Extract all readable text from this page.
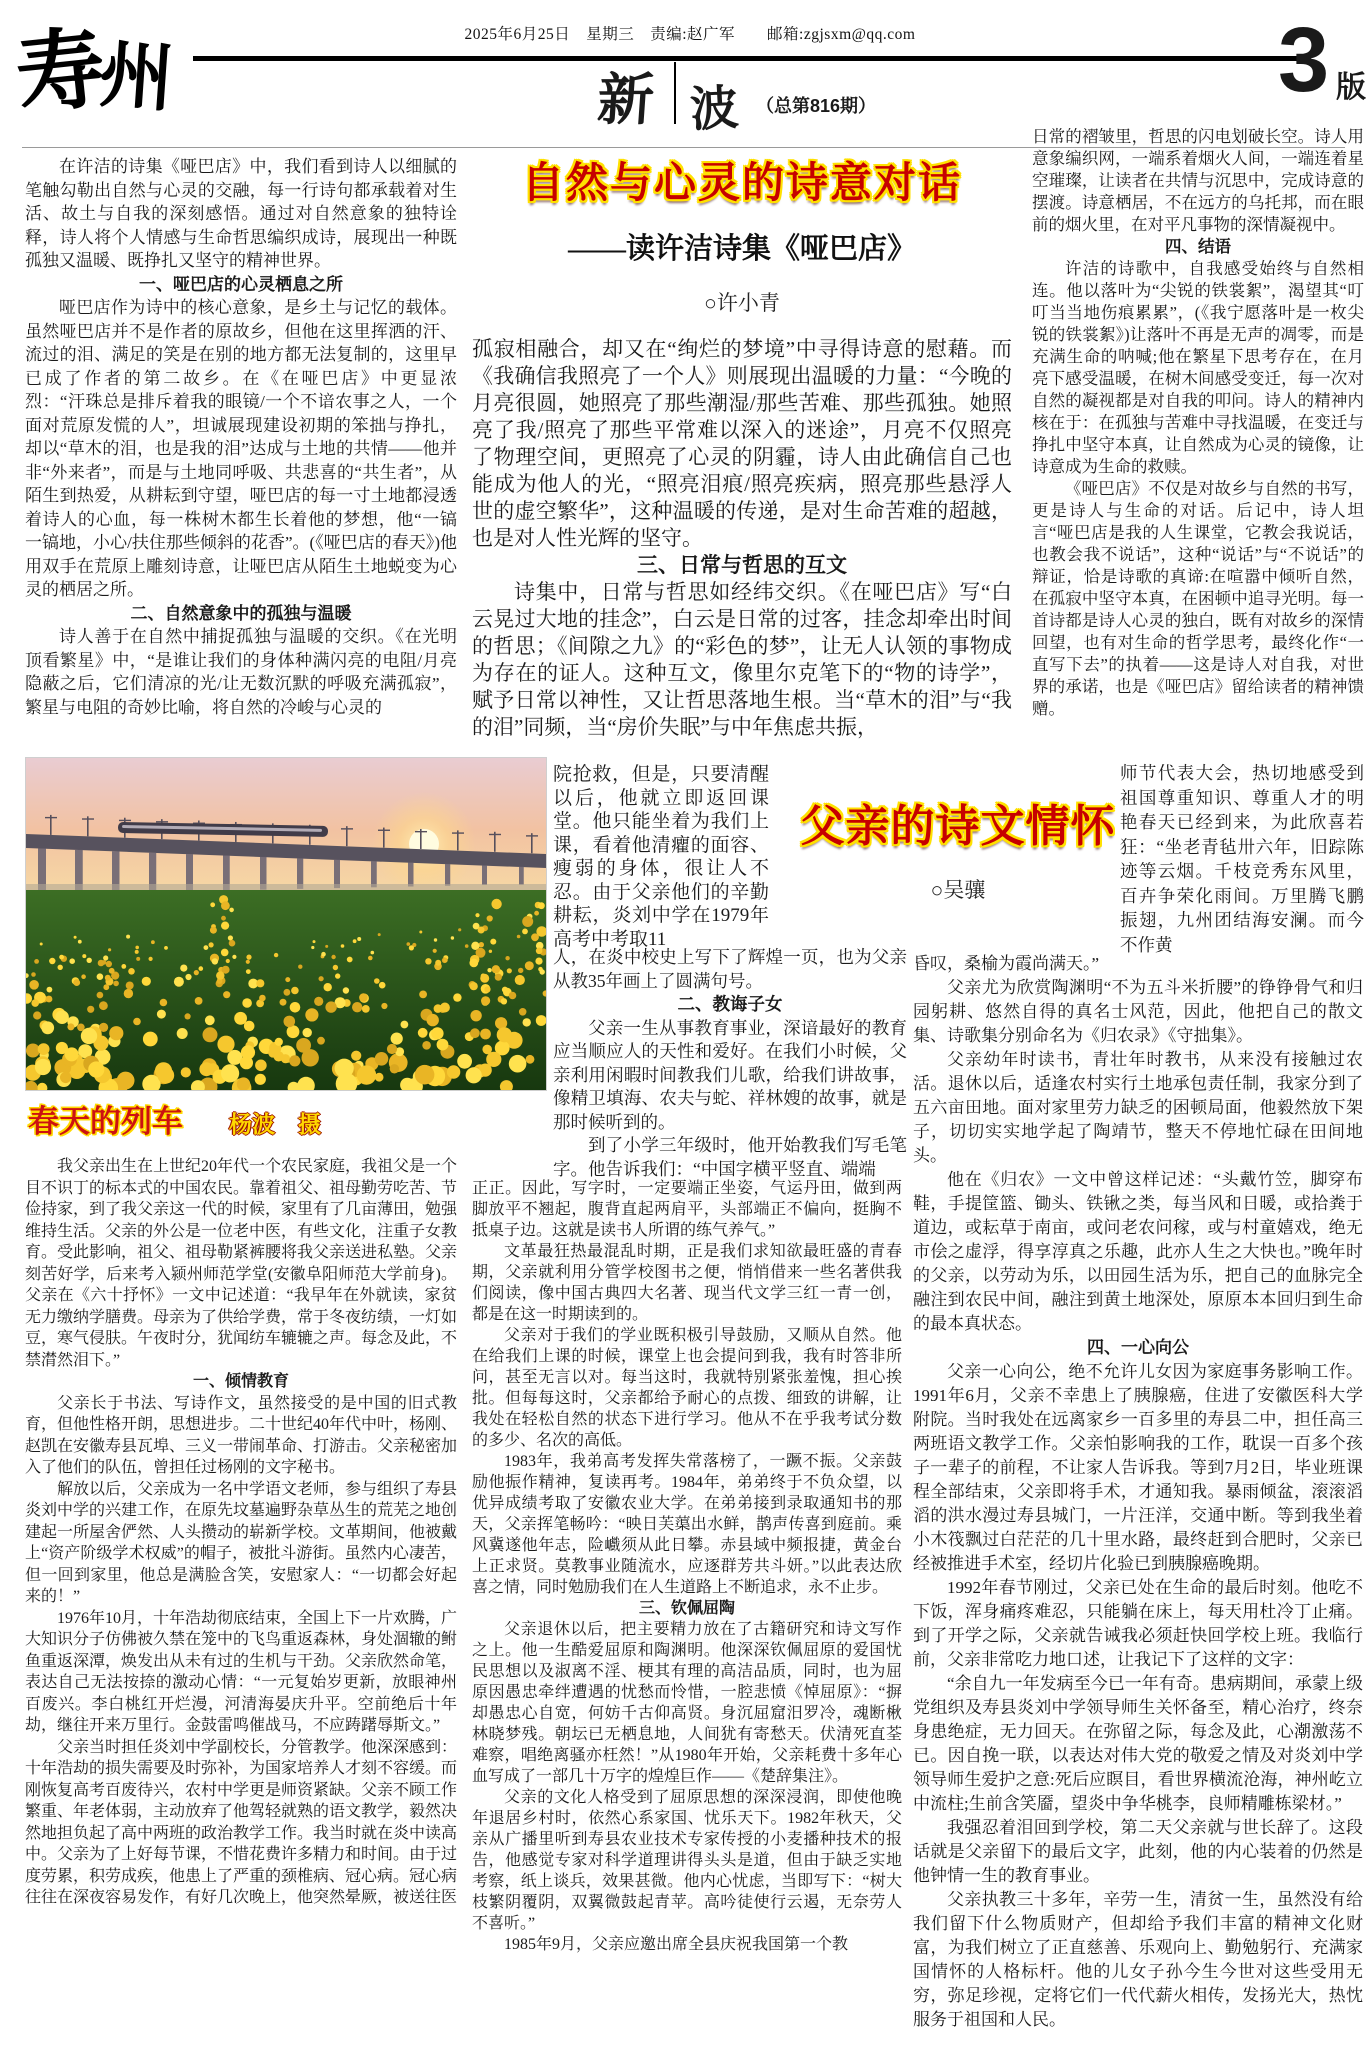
2025年6月25日　星期三　责编:赵广军　　邮箱:zgjsxm@qq.com
寿
州	新 波 （总第816期）	3 版
在许洁的诗集《哑巴店》中，我们看到诗人以细腻的笔触勾勒出自然与心灵的交融，每一行诗句都承载着对生活、故土与自我的深刻感悟。通过对自然意象的独特诠释，诗人将个人情感与生命哲思编织成诗，展现出一种既孤独又温暖、既挣扎又坚守的精神世界。
一、哑巴店的心灵栖息之所
哑巴店作为诗中的核心意象，是乡土与记忆的载体。虽然哑巴店并不是作者的原故乡，但他在这里挥洒的汗、流过的泪、满足的笑是在别的地方都无法复制的，这里早已成了作者的第二故乡。在《在哑巴店》中更显浓烈：“汗珠总是排斥着我的眼镜/一个不谙农事之人，一个面对荒原发慌的人”，坦诚展现建设初期的笨拙与挣扎，却以“草木的泪，也是我的泪”达成与土地的共情——他并非“外来者”，而是与土地同呼吸、共悲喜的“共生者”，从陌生到热爱，从耕耘到守望，哑巴店的每一寸土地都浸透着诗人的心血，每一株树木都生长着他的梦想，他“一镐一镐地，小心/扶住那些倾斜的花香”。(《哑巴店的春天》)他用双手在荒原上雕刻诗意，让哑巴店从陌生土地蜕变为心灵的栖居之所。
二、自然意象中的孤独与温暖
诗人善于在自然中捕捉孤独与温暖的交织。《在光明顶看繁星》中，“是谁让我们的身体种满闪亮的电阻/月亮隐蔽之后，它们清凉的光/让无数沉默的呼吸充满孤寂”，繁星与电阻的奇妙比喻，将自然的冷峻与心灵的
自然与心灵的诗意对话
——读许洁诗集《哑巴店》
○许小青
孤寂相融合，却又在“绚烂的梦境”中寻得诗意的慰藉。而《我确信我照亮了一个人》则展现出温暖的力量：“今晚的月亮很圆，她照亮了那些潮湿/那些苦难、那些孤独。她照亮了我/照亮了那些平常难以深入的迷途”，月亮不仅照亮了物理空间，更照亮了心灵的阴霾，诗人由此确信自己也能成为他人的光，“照亮泪痕/照亮疾病，照亮那些悬浮人世的虚空繁华”，这种温暖的传递，是对生命苦难的超越，也是对人性光辉的坚守。
三、日常与哲思的互文
诗集中，日常与哲思如经纬交织。《在哑巴店》写“白云晃过大地的挂念”，白云是日常的过客，挂念却牵出时间的哲思；《间隙之九》的“彩色的梦”，让无人认领的事物成为存在的证人。这种互文，像里尔克笔下的“物的诗学”，赋予日常以神性，又让哲思落地生根。当“草木的泪”与“我的泪”同频，当“房价失眠”与中年焦虑共振，
日常的褶皱里，哲思的闪电划破长空。诗人用意象编织网，一端系着烟火人间，一端连着星空璀璨，让读者在共情与沉思中，完成诗意的摆渡。诗意栖居，不在远方的乌托邦，而在眼前的烟火里，在对平凡事物的深情凝视中。
四、结语
许洁的诗歌中，自我感受始终与自然相连。他以落叶为“尖锐的铁裳絮”，渴望其“叮叮当当地伤痕累累”，(《我宁愿落叶是一枚尖锐的铁裳絮》)让落叶不再是无声的凋零，而是充满生命的呐喊;他在繁星下思考存在，在月亮下感受温暖，在树木间感受变迁，每一次对自然的凝视都是对自我的叩问。诗人的精神内核在于：在孤独与苦难中寻找温暖，在变迁与挣扎中坚守本真，让自然成为心灵的镜像，让诗意成为生命的救赎。
《哑巴店》不仅是对故乡与自然的书写，更是诗人与生命的对话。后记中，诗人坦言“哑巴店是我的人生课堂，它教会我说话，也教会我不说话”，这种“说话”与“不说话”的辩证，恰是诗歌的真谛:在喧嚣中倾听自然，在孤寂中坚守本真，在困顿中追寻光明。每一首诗都是诗人心灵的独白，既有对故乡的深情回望，也有对生命的哲学思考，最终化作“一直写下去”的执着——这是诗人对自我，对世界的承诺，也是《哑巴店》留给读者的精神馈赠。
春天的列车 杨波　摄
院抢救，但是，只要清醒以后，他就立即返回课堂。他只能坐着为我们上课，看着他清癯的面容、瘦弱的身体，很让人不忍。由于父亲他们的辛勤耕耘，炎刘中学在1979年高考中考取11
父亲的诗文情怀
○吴骧
师节代表大会，热切地感受到祖国尊重知识、尊重人才的明艳春天已经到来，为此欣喜若狂：“坐老青毡卅六年，旧踪陈迹等云烟。千枝竞秀东风里，百卉争荣化雨间。万里腾飞鹏振翅，九州团结海安澜。而今不作黄
人，在炎中校史上写下了辉煌一页，也为父亲从教35年画上了圆满句号。
二、教诲子女
父亲一生从事教育事业，深谙最好的教育应当顺应人的天性和爱好。在我们小时候，父亲利用闲暇时间教我们儿歌，给我们讲故事，像精卫填海、农夫与蛇、祥林嫂的故事，就是那时候听到的。
到了小学三年级时，他开始教我们写毛笔字。他告诉我们：“中国字横平竖直、端端
我父亲出生在上世纪20年代一个农民家庭，我祖父是一个目不识丁的标本式的中国农民。靠着祖父、祖母勤劳吃苦、节俭持家，到了我父亲这一代的时候，家里有了几亩薄田，勉强维持生活。父亲的外公是一位老中医，有些文化，注重子女教育。受此影响，祖父、祖母勒紧裤腰将我父亲送进私塾。父亲刻苦好学，后来考入颍州师范学堂(安徽阜阳师范大学前身)。父亲在《六十抒怀》一文中记述道：“我早年在外就读，家贫无力缴纳学膳费。母亲为了供给学费，常于冬夜纺绩，一灯如豆，寒气侵肤。午夜时分，犹闻纺车辘辘之声。每念及此，不禁潸然泪下。”
一、倾情教育
父亲长于书法、写诗作文，虽然接受的是中国的旧式教育，但他性格开朗，思想进步。二十世纪40年代中叶，杨刚、赵凯在安徽寿县瓦埠、三义一带闹革命、打游击。父亲秘密加入了他们的队伍，曾担任过杨刚的文字秘书。
解放以后，父亲成为一名中学语文老师，参与组织了寿县炎刘中学的兴建工作，在原先坟墓遍野杂草丛生的荒芜之地创建起一所屋舍俨然、人头攒动的崭新学校。文革期间，他被戴上“资产阶级学术权威”的帽子，被批斗游街。虽然内心凄苦，但一回到家里，他总是满脸含笑，安慰家人：“一切都会好起来的！”
1976年10月，十年浩劫彻底结束，全国上下一片欢腾，广大知识分子仿佛被久禁在笼中的飞鸟重返森林，身处涸辙的鲋鱼重返深潭，焕发出从未有过的生机与干劲。父亲欣然命笔，表达自己无法按捺的激动心情：“一元复始岁更新，放眼神州百废兴。李白桃红开烂漫，河清海晏庆升平。空前绝后十年劫，继往开来万里行。金鼓雷鸣催战马，不应踌躇辱斯文。”
父亲当时担任炎刘中学副校长，分管教学。他深深感到：十年浩劫的损失需要及时弥补，为国家培养人才刻不容缓。而刚恢复高考百废待兴，农村中学更是师资紧缺。父亲不顾工作繁重、年老体弱，主动放弃了他驾轻就熟的语文教学，毅然决然地担负起了高中两班的政治教学工作。我当时就在炎中读高中。父亲为了上好每节课，不惜花费许多精力和时间。由于过度劳累，积劳成疾，他患上了严重的颈椎病、冠心病。冠心病往往在深夜容易发作，有好几次晚上，他突然晕厥，被送往医
正正。因此，写字时，一定要端正坐姿，气运丹田，做到两脚放平不翘起，腹背直起两肩平，头部端正不偏向，挺胸不抵桌子边。这就是读书人所谓的练气养气。”
文革最狂热最混乱时期，正是我们求知欲最旺盛的青春期，父亲就利用分管学校图书之便，悄悄借来一些名著供我们阅读，像中国古典四大名著、现当代文学三红一青一创，都是在这一时期读到的。
父亲对于我们的学业既积极引导鼓励，又顺从自然。他在给我们上课的时候，课堂上也会提问到我，我有时答非所问，甚至无言以对。每当这时，我就特别紧张羞愧，担心挨批。但每每这时，父亲都给予耐心的点拨、细致的讲解，让我处在轻松自然的状态下进行学习。他从不在乎我考试分数的多少、名次的高低。
1983年，我弟高考发挥失常落榜了，一蹶不振。父亲鼓励他振作精神，复读再考。1984年，弟弟终于不负众望，以优异成绩考取了安徽农业大学。在弟弟接到录取通知书的那天，父亲挥笔畅吟：“映日芙蕖出水鲜，鹊声传喜到庭前。乘风冀遂他年志，险巇须从此日攀。赤县域中频报捷，黄金台上正求贤。莫教事业随流水，应逐群芳共斗妍。”以此表达欣喜之情，同时勉励我们在人生道路上不断追求，永不止步。
三、钦佩屈陶
父亲退休以后，把主要精力放在了古籍研究和诗文写作之上。他一生酷爱屈原和陶渊明。他深深钦佩屈原的爱国忧民思想以及淑离不淫、梗其有理的高洁品质，同时，也为屈原因愚忠牵绊遭遇的忧愁而怜惜，一腔悲愤《悼屈原》：“摒却愚忠心自宽，何妨千古仰高贤。身沉屈窟汨罗冷，魂断楸林晓梦残。朝坛已无栖息地，人间犹有寄愁天。伏清死直荃难察，唱绝离骚亦枉然！”从1980年开始，父亲耗费十多年心血写成了一部几十万字的煌煌巨作——《楚辞集注》。
父亲的文化人格受到了屈原思想的深深浸润，即使他晚年退居乡村时，依然心系家国、忧乐天下。1982年秋天，父亲从广播里听到寿县农业技术专家传授的小麦播种技术的报告，他感觉专家对科学道理讲得头头是道，但由于缺乏实地考察，纸上谈兵，效果甚微。他内心忧虑，当即写下：“树大枝繁阴覆阴，双翼微鼓起青苹。高吟徒使行云遏，无奈劳人不喜听。”
1985年9月，父亲应邀出席全县庆祝我国第一个教
昏叹，桑榆为霞尚满天。”
父亲尤为欣赏陶渊明“不为五斗米折腰”的铮铮骨气和归园躬耕、悠然自得的真名士风范，因此，他把自己的散文集、诗歌集分别命名为《归农录》《守拙集》。
父亲幼年时读书，青壮年时教书，从来没有接触过农活。退休以后，适逢农村实行土地承包责任制，我家分到了五六亩田地。面对家里劳力缺乏的困顿局面，他毅然放下架子，切切实实地学起了陶靖节，整天不停地忙碌在田间地头。
他在《归农》一文中曾这样记述：“头戴竹笠，脚穿布鞋，手提筐篮、锄头、铁锹之类，每当风和日暖，或拾粪于道边，或耘草于南亩，或问老农问稼，或与村童嬉戏，绝无市侩之虚浮，得享淳真之乐趣，此亦人生之大快也。”晚年时的父亲，以劳动为乐，以田园生活为乐，把自己的血脉完全融注到农民中间，融注到黄土地深处，原原本本回归到生命的最本真状态。
四、一心向公
父亲一心向公，绝不允许儿女因为家庭事务影响工作。1991年6月，父亲不幸患上了胰腺癌，住进了安徽医科大学附院。当时我处在远离家乡一百多里的寿县二中，担任高三两班语文教学工作。父亲怕影响我的工作，耽误一百多个孩子一辈子的前程，不让家人告诉我。等到7月2日，毕业班课程全部结束，父亲即将手术，才通知我。暴雨倾盆，滚滚滔滔的洪水漫过寿县城门，一片汪洋，交通中断。等到我坐着小木筏飘过白茫茫的几十里水路，最终赶到合肥时，父亲已经被推进手术室，经切片化验已到胰腺癌晚期。
1992年春节刚过，父亲已处在生命的最后时刻。他吃不下饭，浑身痛疼难忍，只能躺在床上，每天用杜冷丁止痛。到了开学之际，父亲就告诫我必须赶快回学校上班。我临行前，父亲非常吃力地口述，让我记下了这样的文字：
“余自九一年发病至今已一年有奇。患病期间，承蒙上级党组织及寿县炎刘中学领导师生关怀备至，精心治疗，终奈身患绝症，无力回天。在弥留之际，每念及此，心潮激荡不已。因自挽一联，以表达对伟大党的敬爱之情及对炎刘中学领导师生爱护之意:死后应瞑目，看世界横流沧海，神州屹立中流柱;生前含笑靥，望炎中争华桃李，良师精雕栋梁材。”
我强忍着泪回到学校，第二天父亲就与世长辞了。这段话就是父亲留下的最后文字，此刻，他的内心装着的仍然是他钟情一生的教育事业。
父亲执教三十多年，辛劳一生，清贫一生，虽然没有给我们留下什么物质财产，但却给予我们丰富的精神文化财富，为我们树立了正直慈善、乐观向上、勤勉躬行、充满家国情怀的人格标杆。他的儿女子孙今生今世对这些受用无穷，弥足珍视，定将它们一代代薪火相传，发扬光大，热忱服务于祖国和人民。
